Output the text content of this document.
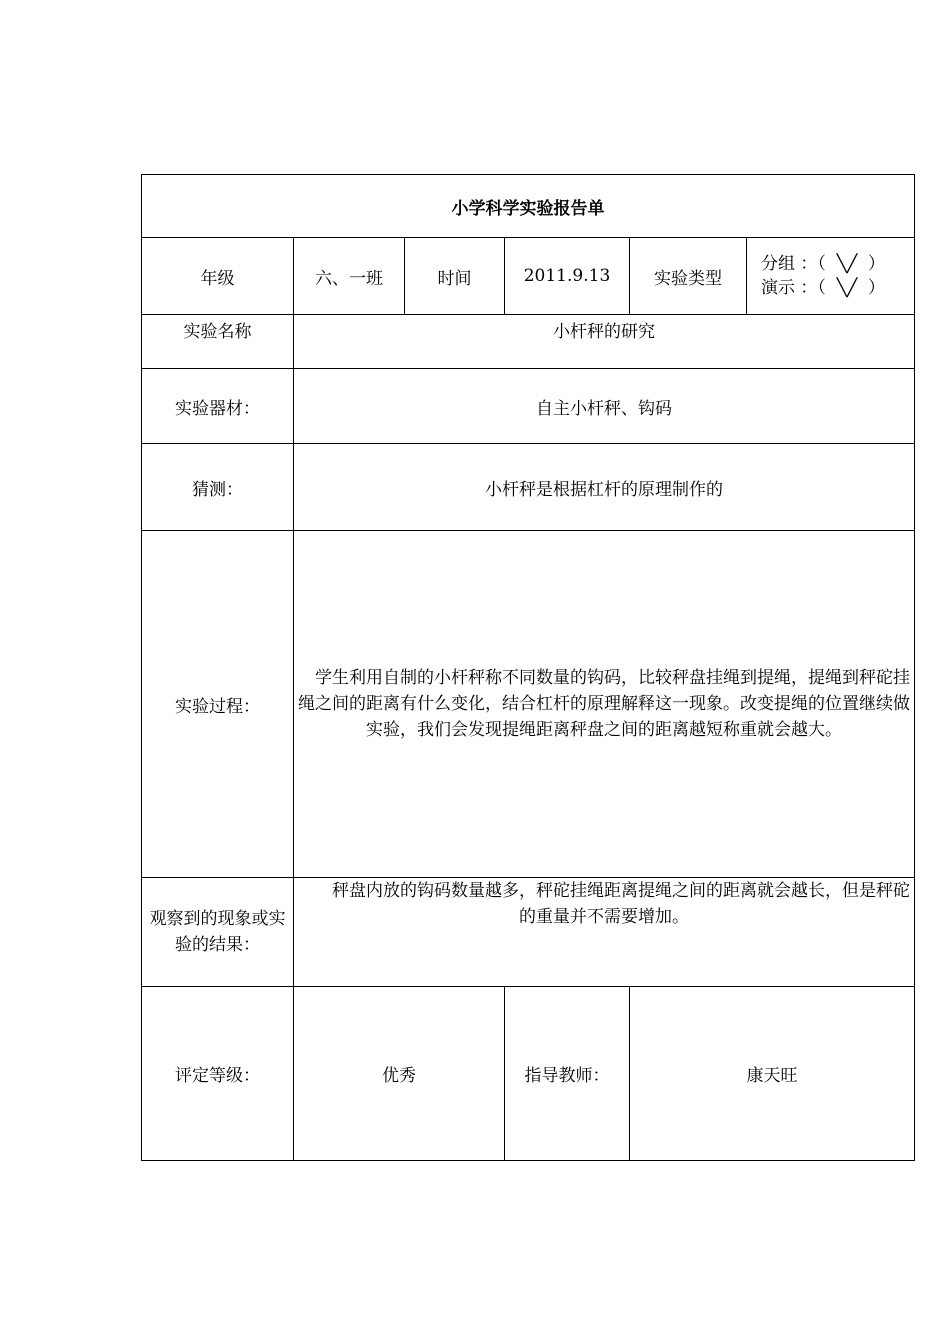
小学科学实验报告单					
年级	六、一班	时间	2011.9.13	实验类型	分组 ：（  ╲╱  ）
演示 ：（  ╲╱  ）

实验名称	小杆秤的研究				
实验器材：	自主小杆秤、钩码				
猜测：	小杆秤是根据杠杆的原理制作的				
实验过程：	学生利用自制的小杆秤称不同数量的钩码，比较秤盘挂绳到提绳，提绳到秤砣挂绳之间的距离有什么变化，结合杠杆的原理解释这一现象。改变提绳的位置继续做实验，我们会发现提绳距离秤盘之间的距离越短称重就会越大。				
观察到的现象或实验的结果：	秤盘内放的钩码数量越多，秤砣挂绳距离提绳之间的距离就会越长，但是秤砣的重量并不需要增加。				
评定等级：	优秀		指导教师：	康天旺	
